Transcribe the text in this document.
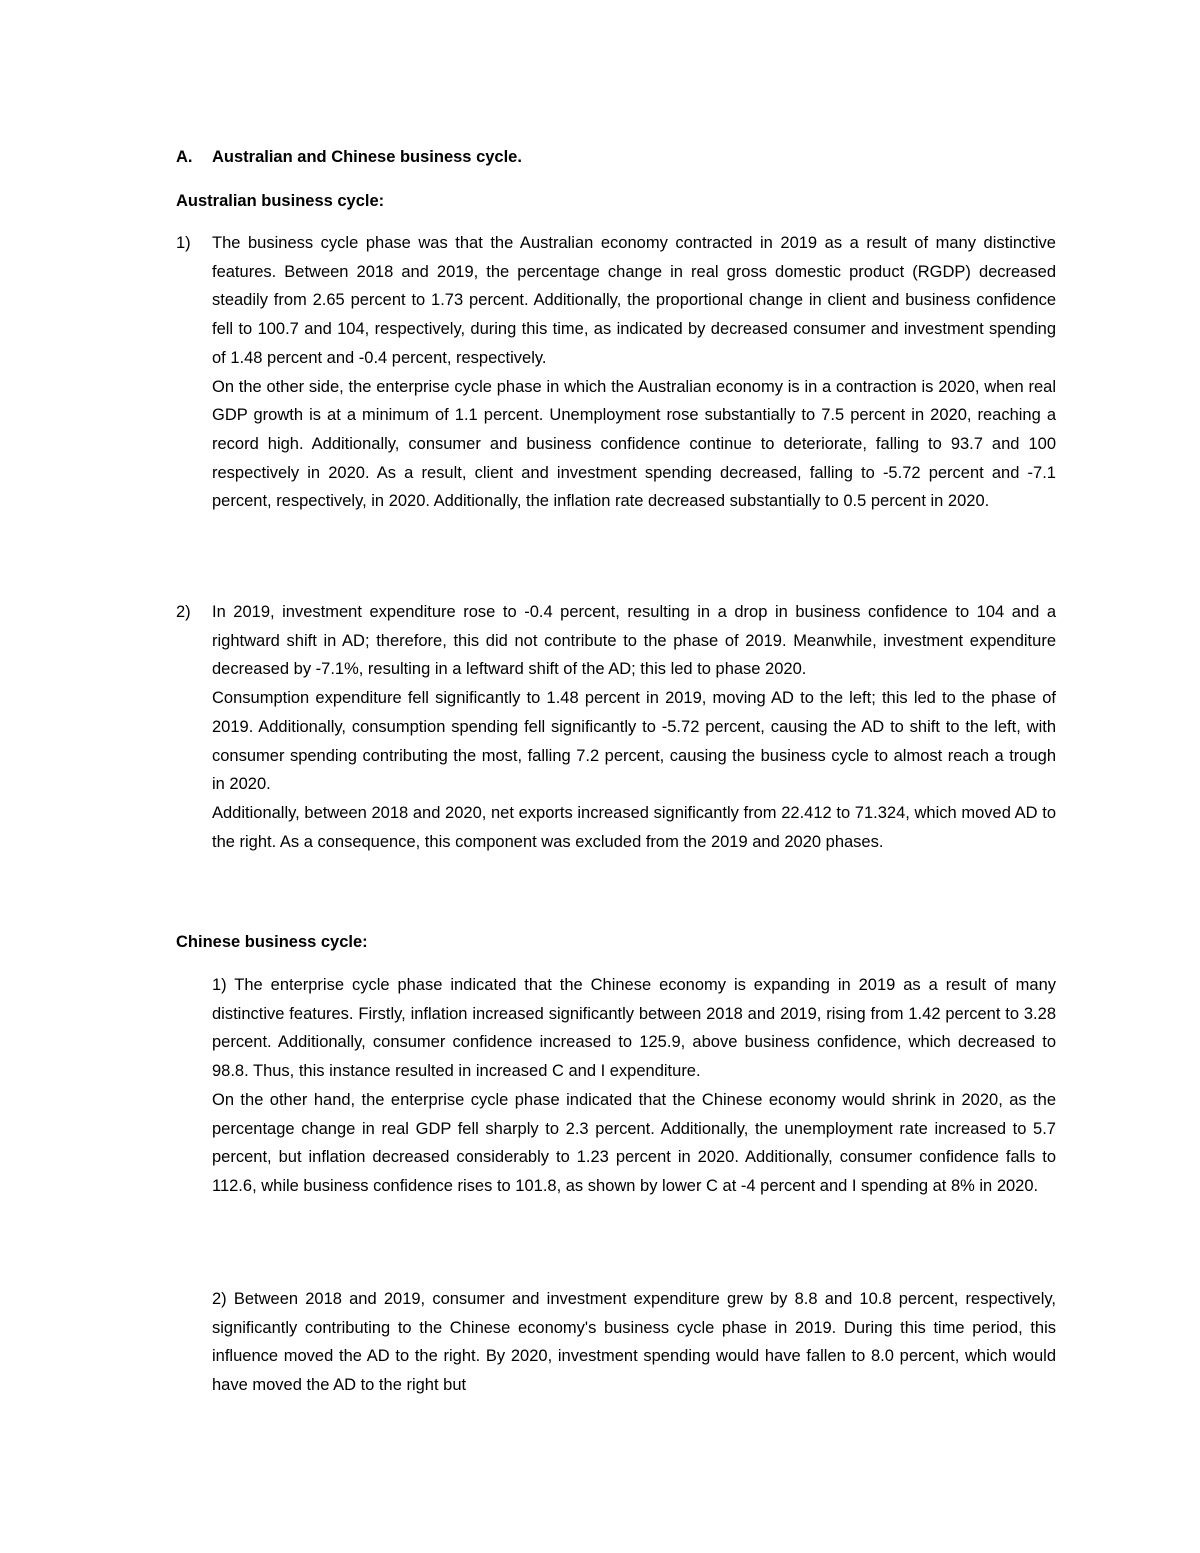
A. Australian and Chinese business cycle.
Australian business cycle:
1) The business cycle phase was that the Australian economy contracted in 2019 as a result of many distinctive features. Between 2018 and 2019, the percentage change in real gross domestic product (RGDP) decreased steadily from 2.65 percent to 1.73 percent. Additionally, the proportional change in client and business confidence fell to 100.7 and 104, respectively, during this time, as indicated by decreased consumer and investment spending of 1.48 percent and -0.4 percent, respectively.

On the other side, the enterprise cycle phase in which the Australian economy is in a contraction is 2020, when real GDP growth is at a minimum of 1.1 percent. Unemployment rose substantially to 7.5 percent in 2020, reaching a record high. Additionally, consumer and business confidence continue to deteriorate, falling to 93.7 and 100 respectively in 2020. As a result, client and investment spending decreased, falling to -5.72 percent and -7.1 percent, respectively, in 2020. Additionally, the inflation rate decreased substantially to 0.5 percent in 2020.

2) In 2019, investment expenditure rose to -0.4 percent, resulting in a drop in business confidence to 104 and a rightward shift in AD; therefore, this did not contribute to the phase of 2019. Meanwhile, investment expenditure decreased by -7.1%, resulting in a leftward shift of the AD; this led to phase 2020.

Consumption expenditure fell significantly to 1.48 percent in 2019, moving AD to the left; this led to the phase of 2019. Additionally, consumption spending fell significantly to -5.72 percent, causing the AD to shift to the left, with consumer spending contributing the most, falling 7.2 percent, causing the business cycle to almost reach a trough in 2020.

Additionally, between 2018 and 2020, net exports increased significantly from 22.412 to 71.324, which moved AD to the right. As a consequence, this component was excluded from the 2019 and 2020 phases.

Chinese business cycle:

1) The enterprise cycle phase indicated that the Chinese economy is expanding in 2019 as a result of many distinctive features. Firstly, inflation increased significantly between 2018 and 2019, rising from 1.42 percent to 3.28 percent. Additionally, consumer confidence increased to 125.9, above business confidence, which decreased to 98.8. Thus, this instance resulted in increased C and I expenditure.

On the other hand, the enterprise cycle phase indicated that the Chinese economy would shrink in 2020, as the percentage change in real GDP fell sharply to 2.3 percent. Additionally, the unemployment rate increased to 5.7 percent, but inflation decreased considerably to 1.23 percent in 2020. Additionally, consumer confidence falls to 112.6, while business confidence rises to 101.8, as shown by lower C at -4 percent and I spending at 8% in 2020.

2) Between 2018 and 2019, consumer and investment expenditure grew by 8.8 and 10.8 percent, respectively, significantly contributing to the Chinese economy's business cycle phase in 2019. During this time period, this influence moved the AD to the right. By 2020, investment spending would have fallen to 8.0 percent, which would have moved the AD to the right but
